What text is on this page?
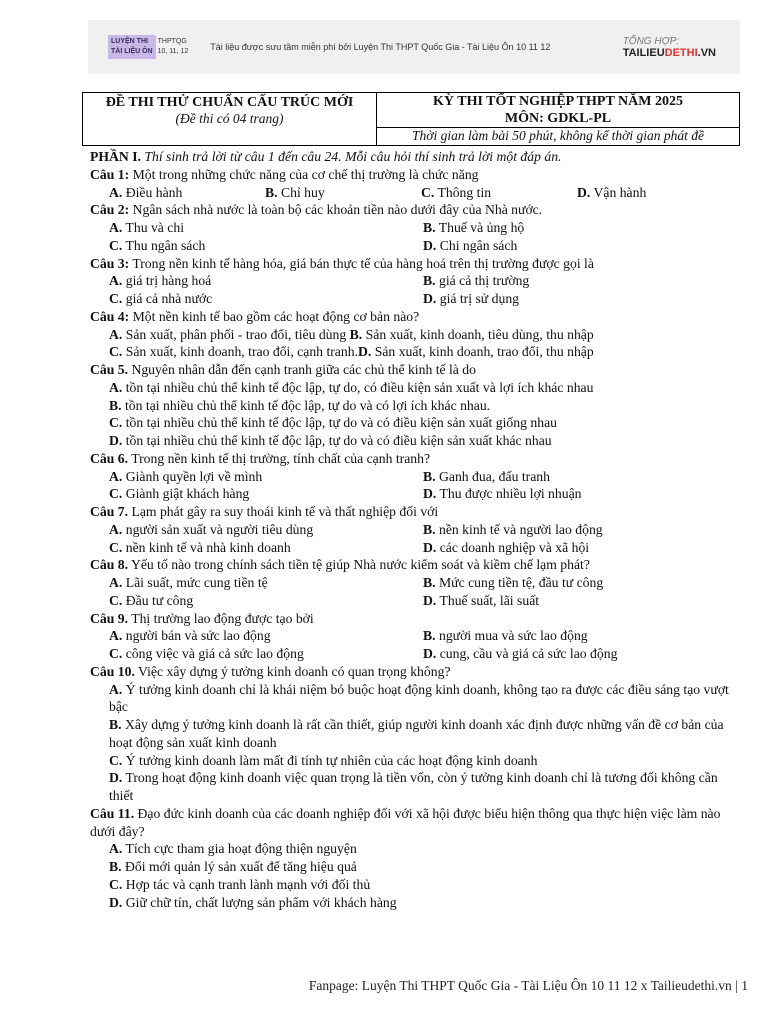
LUYỆN THI
TÀI LIỆU ÔN
THPTQG
10, 11, 12 Tài liệu được sưu tầm miễn phí bởi Luyện Thi THPT Quốc Gia - Tài Liệu Ôn 10 11 12
TỔNG HỢP:
TAILIEUDETHI.VN
ĐỀ THI THỬ CHUẨN CẤU TRÚC MỚI
(Đề thi có 04 trang)
KỲ THI TỐT NGHIỆP THPT NĂM 2025
MÔN: GDKL-PL
Thời gian làm bài 50 phút, không kể thời gian phát đề
PHẦN I. Thí sinh trả lời từ câu 1 đến câu 24. Mỗi câu hỏi thí sinh trả lời một đáp án.
Câu 1: Một trong những chức năng của cơ chế thị trường là chức năng
A. Điều hành	B. Chỉ huy	C. Thông tin	D. Vận hành
Câu 2: Ngân sách nhà nước là toàn bộ các khoản tiền nào dưới đây của Nhà nước.
A. Thu và chi	B. Thuế và ủng hộ
C. Thu ngân sách	D. Chi ngân sách
Câu 3: Trong nền kinh tế hàng hóa, giá bán thực tế của hàng hoá trên thị trường được gọi là
A. giá trị hàng hoá	B. giá cả thị trường
C. giá cả nhà nước	D. giá trị sử dụng
Câu 4: Một nền kinh tế bao gồm các hoạt động cơ bản nào?
A. Sản xuất, phân phối - trao đổi, tiêu dùng B. Sản xuất, kinh doanh, tiêu dùng, thu nhập
C. Sản xuất, kinh doanh, trao đổi, cạnh tranh.D. Sản xuất, kinh doanh, trao đổi, thu nhập
Câu 5. Nguyên nhân dẫn đến cạnh tranh giữa các chủ thể kinh tế là do
A. tồn tại nhiều chủ thể kinh tế độc lập, tự do, có điều kiện sản xuất và lợi ích khác nhau
B. tồn tại nhiều chủ thể kinh tế độc lập, tự do và có lợi ích khác nhau.
C. tồn tại nhiều chủ thể kinh tế độc lập, tự do và có điều kiện sản xuất giống nhau
D. tồn tại nhiều chủ thể kinh tế độc lập, tự do và có điều kiện sản xuất khác nhau
Câu 6. Trong nền kinh tế thị trường, tính chất của cạnh tranh?
A. Giành quyền lợi về mình	B. Ganh đua, đấu tranh
C. Giành giật khách hàng	D. Thu được nhiều lợi nhuận
Câu 7. Lạm phát gây ra suy thoái kinh tế và thất nghiệp đối với
A. người sản xuất và người tiêu dùng	B. nền kinh tế và người lao động
C. nền kinh tế và nhà kinh doanh	D. các doanh nghiệp và xã hội
Câu 8. Yếu tố nào trong chính sách tiền tệ giúp Nhà nước kiểm soát và kiềm chế lạm phát?
A. Lãi suất, mức cung tiền tệ	B. Mức cung tiền tệ, đầu tư công
C. Đầu tư công	D. Thuế suất, lãi suất
Câu 9. Thị trường lao động được tạo bởi
A. người bán và sức lao động	B. người mua và sức lao động
C. công việc và giá cả sức lao động	D. cung, cầu và giá cả sức lao động
Câu 10. Việc xây dựng ý tưởng kinh doanh có quan trọng không?
A. Ý tưởng kinh doanh chỉ là khái niệm bó buộc hoạt động kinh doanh, không tạo ra được các điều sáng tạo vượt bậc
B. Xây dựng ý tưởng kinh doanh là rất cần thiết, giúp người kinh doanh xác định được những vấn đề cơ bản của hoạt động sản xuất kinh doanh
C. Ý tưởng kinh doanh làm mất đi tính tự nhiên của các hoạt động kinh doanh
D. Trong hoạt động kinh doanh việc quan trọng là tiền vốn, còn ý tưởng kinh doanh chỉ là tương đối không cần thiết
Câu 11. Đạo đức kinh doanh của các doanh nghiệp đối với xã hội được biểu hiện thông qua thực hiện việc làm nào dưới đây?
A. Tích cực tham gia hoạt động thiện nguyện
B. Đổi mới quản lý sản xuất để tăng hiệu quả
C. Hợp tác và cạnh tranh lành mạnh với đối thủ
D. Giữ chữ tín, chất lượng sản phẩm với khách hàng
Fanpage: Luyện Thi THPT Quốc Gia - Tài Liệu Ôn 10 11 12 x Tailieudethi.vn | 1
